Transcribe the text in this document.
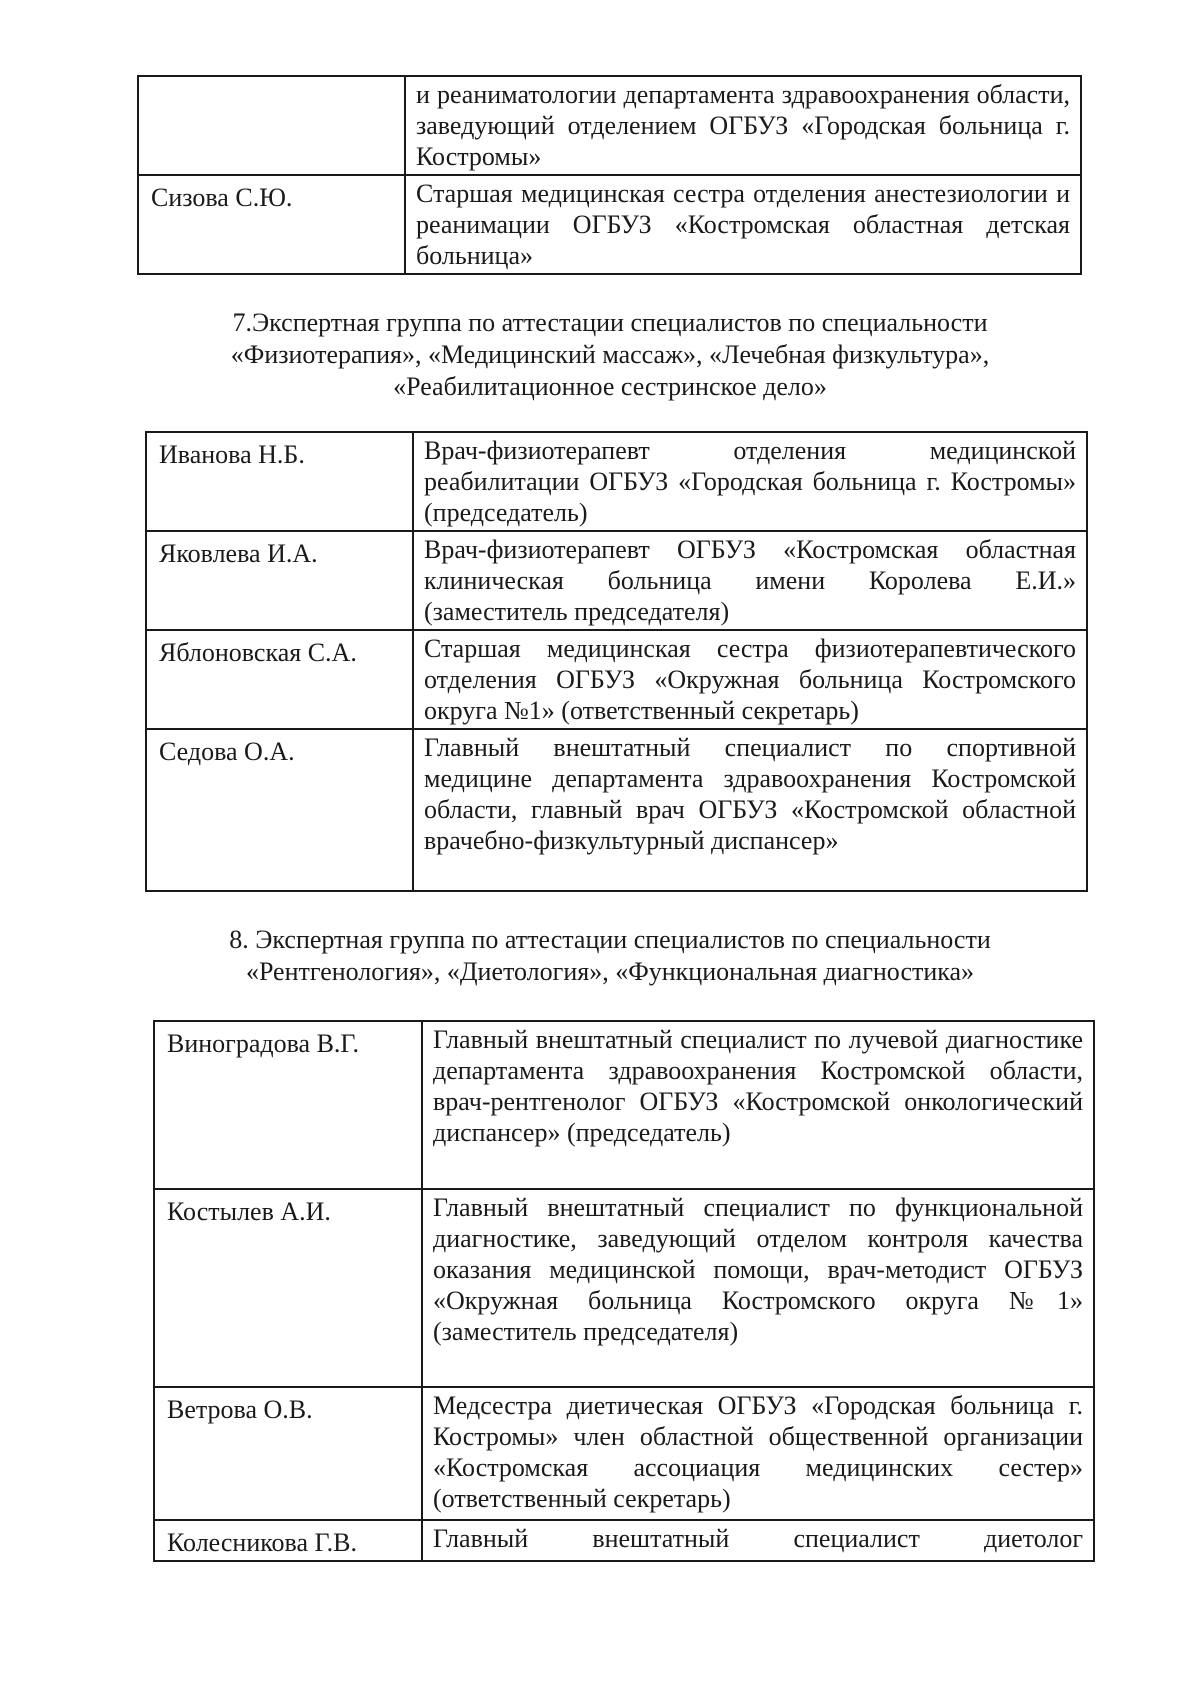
	и реаниматологии департамента здравоохранения области, заведующий отделением ОГБУЗ «Городская больница г. Костромы»
Сизова С.Ю.	Старшая медицинская сестра отделения анестезиологии и реанимации ОГБУЗ «Костромская областная детская больница»
7.Экспертная группа по аттестации специалистов по специальности
«Физиотерапия», «Медицинский массаж», «Лечебная физкультура»,
«Реабилитационное сестринское дело»
Иванова Н.Б.	Врач-физиотерапевт отделения медицинской реабилитации ОГБУЗ «Городская больница г. Костромы» (председатель)
Яковлева И.А.	Врач-физиотерапевт ОГБУЗ «Костромская областная клиническая больница имени Королева Е.И.» (заместитель председателя)
Яблоновская С.А.	Старшая медицинская сестра физиотерапевтического отделения ОГБУЗ «Окружная больница Костромского округа №1» (ответственный секретарь)
Седова О.А.	Главный внештатный специалист по спортивной медицине департамента здравоохранения Костромской области, главный врач ОГБУЗ «Костромской областной врачебно-физкультурный диспансер»
8. Экспертная группа по аттестации специалистов по специальности
«Рентгенология», «Диетология», «Функциональная диагностика»
Виноградова В.Г.	Главный внештатный специалист по лучевой диагностике департамента здравоохранения Костромской области, врач-рентгенолог ОГБУЗ «Костромской онкологический диспансер» (председатель)
Костылев А.И.	Главный внештатный специалист по функциональной диагностике, заведующий отделом контроля качества оказания медицинской помощи, врач-методист ОГБУЗ «Окружная больница Костромского округа №1» (заместитель председателя)
Ветрова О.В.	Медсестра диетическая ОГБУЗ «Городская больница г. Костромы» член областной общественной организации «Костромская ассоциация медицинских сестер» (ответственный секретарь)
Колесникова Г.В.	Главный внештатный специалист диетолог
